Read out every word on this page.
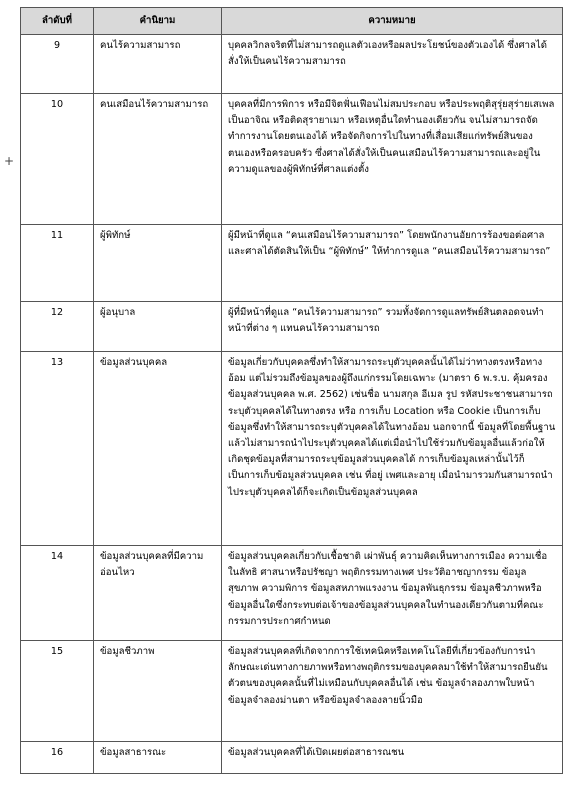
+
ลำดับที่	คำนิยาม	ความหมาย
9	คนไร้ความสามารถ	บุคคลวิกลจริตที่ไม่สามารถดูแลตัวเองหรือผลประโยชน์ของตัวเองได้ ซึ่งศาลได้สั่งให้เป็นคนไร้ความสามารถ
10	คนเสมือนไร้ความสามารถ	บุคคลที่มีการพิการ หรือมีจิตฟั่นเฟือนไม่สมประกอบ หรือประพฤติสุรุ่ยสุร่ายเสเพลเป็นอาจิณ หรือติดสุรายาเมา หรือเหตุอื่นใดทำนองเดียวกัน จนไม่สามารถจัดทำการงานโดยตนเองได้ หรือจัดกิจการไปในทางที่เสื่อมเสียแก่ทรัพย์สินของตนเองหรือครอบครัว ซึ่งศาลได้สั่งให้เป็นคนเสมือนไร้ความสามารถและอยู่ในความดูแลของผู้พิทักษ์ที่ศาลแต่งตั้ง
11	ผู้พิทักษ์	ผู้มีหน้าที่ดูแล “คนเสมือนไร้ความสามารถ” โดยพนักงานอัยการร้องขอต่อศาล และศาลได้ตัดสินให้เป็น “ผู้พิทักษ์” ให้ทำการดูแล “คนเสมือนไร้ความสามารถ”
12	ผู้อนุบาล	ผู้ที่มีหน้าที่ดูแล “คนไร้ความสามารถ” รวมทั้งจัดการดูแลทรัพย์สินตลอดจนทำหน้าที่ต่าง ๆ แทนคนไร้ความสามารถ
13	ข้อมูลส่วนบุคคล	ข้อมูลเกี่ยวกับบุคคลซึ่งทำให้สามารถระบุตัวบุคคลนั้นได้ไม่ว่าทางตรงหรือทางอ้อม แต่ไม่รวมถึงข้อมูลของผู้ถึงแก่กรรมโดยเฉพาะ (มาตรา 6 พ.ร.บ. คุ้มครองข้อมูลส่วนบุคคล พ.ศ. 2562) เช่นชื่อ นามสกุล อีเมล รูป รหัสประชาชนสามารถระบุตัวบุคคลได้ในทางตรง หรือ การเก็บ Location หรือ Cookie เป็นการเก็บข้อมูลซึ่งทำให้สามารถระบุตัวบุคคลได้ในทางอ้อม นอกจากนี้ ข้อมูลที่โดยพื้นฐานแล้วไม่สามารถนำไประบุตัวบุคคลได้แต่เมื่อนำไปใช้ร่วมกับข้อมูลอื่นแล้วก่อให้เกิดชุดข้อมูลที่สามารถระบุข้อมูลส่วนบุคคลได้ การเก็บข้อมูลเหล่านั้นไว้ก็เป็นการเก็บข้อมูลส่วนบุคคล เช่น ที่อยู่ เพศและอายุ เมื่อนำมารวมกันสามารถนำไประบุตัวบุคคลได้ก็จะเกิดเป็นข้อมูลส่วนบุคคล
14	ข้อมูลส่วนบุคคลที่มีความอ่อนไหว	ข้อมูลส่วนบุคคลเกี่ยวกับเชื้อชาติ เผ่าพันธุ์ ความคิดเห็นทางการเมือง ความเชื่อในลัทธิ ศาสนาหรือปรัชญา พฤติกรรมทางเพศ ประวัติอาชญากรรม ข้อมูลสุขภาพ ความพิการ ข้อมูลสหภาพแรงงาน ข้อมูลพันธุกรรม ข้อมูลชีวภาพหรือข้อมูลอื่นใดซึ่งกระทบต่อเจ้าของข้อมูลส่วนบุคคลในทำนองเดียวกันตามที่คณะกรรมการประกาศกำหนด
15	ข้อมูลชีวภาพ	ข้อมูลส่วนบุคคลที่เกิดจากการใช้เทคนิคหรือเทคโนโลยีที่เกี่ยวข้องกับการนำลักษณะเด่นทางกายภาพหรือทางพฤติกรรมของบุคคลมาใช้ทำให้สามารถยืนยันตัวตนของบุคคลนั้นที่ไม่เหมือนกับบุคคลอื่นได้ เช่น ข้อมูลจำลองภาพใบหน้า ข้อมูลจำลองม่านตา หรือข้อมูลจำลองลายนิ้วมือ
16	ข้อมูลสาธารณะ	ข้อมูลส่วนบุคคลที่ได้เปิดเผยต่อสาธารณชน
